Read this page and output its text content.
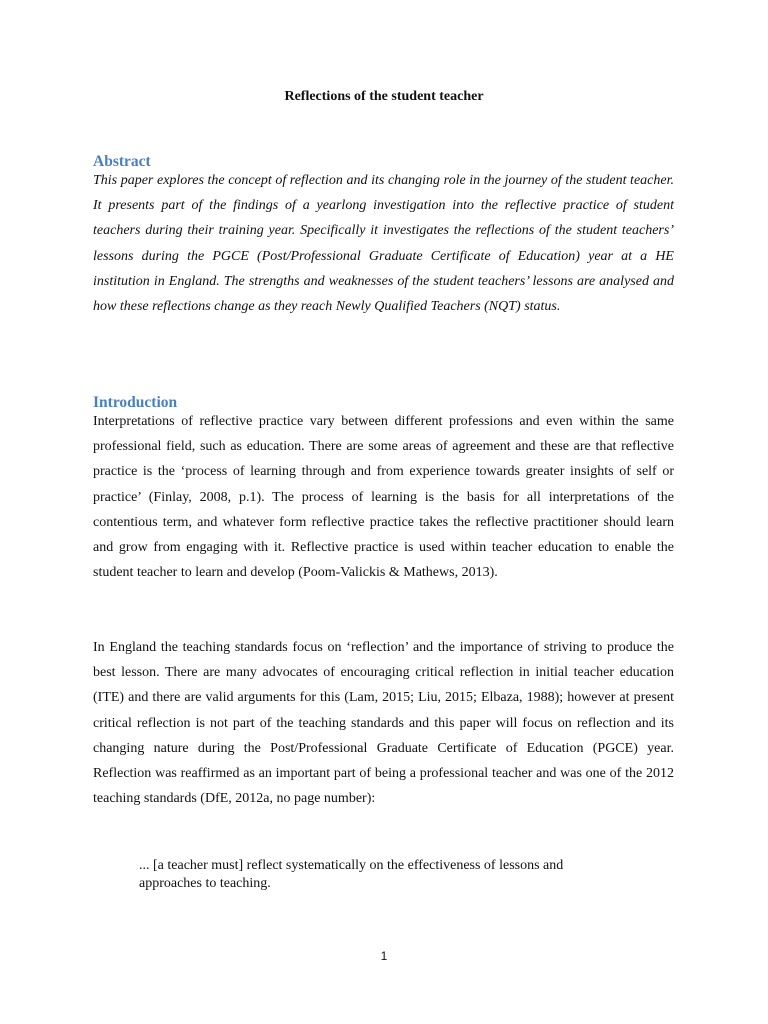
Reflections of the student teacher
Abstract

This paper explores the concept of reflection and its changing role in the journey of the student teacher. It presents part of the findings of a yearlong investigation into the reflective practice of student teachers during their training year. Specifically it investigates the reflections of the student teachers’ lessons during the PGCE (Post/Professional Graduate Certificate of Education) year at a HE institution in England. The strengths and weaknesses of the student teachers’ lessons are analysed and how these reflections change as they reach Newly Qualified Teachers (NQT) status.

Introduction

Interpretations of reflective practice vary between different professions and even within the same professional field, such as education. There are some areas of agreement and these are that reflective practice is the ‘process of learning through and from experience towards greater insights of self or practice’ (Finlay, 2008, p.1). The process of learning is the basis for all interpretations of the contentious term, and whatever form reflective practice takes the reflective practitioner should learn and grow from engaging with it. Reflective practice is used within teacher education to enable the student teacher to learn and develop (Poom-Valickis & Mathews, 2013).

In England the teaching standards focus on ‘reflection’ and the importance of striving to produce the best lesson. There are many advocates of encouraging critical reflection in initial teacher education (ITE) and there are valid arguments for this (Lam, 2015; Liu, 2015; Elbaza, 1988); however at present critical reflection is not part of the teaching standards and this paper will focus on reflection and its changing nature during the Post/Professional Graduate Certificate of Education (PGCE) year. Reflection was reaffirmed as an important part of being a professional teacher and was one of the 2012 teaching standards (DfE, 2012a, no page number):

... [a teacher must] reflect systematically on the effectiveness of lessons and approaches to teaching.

1
